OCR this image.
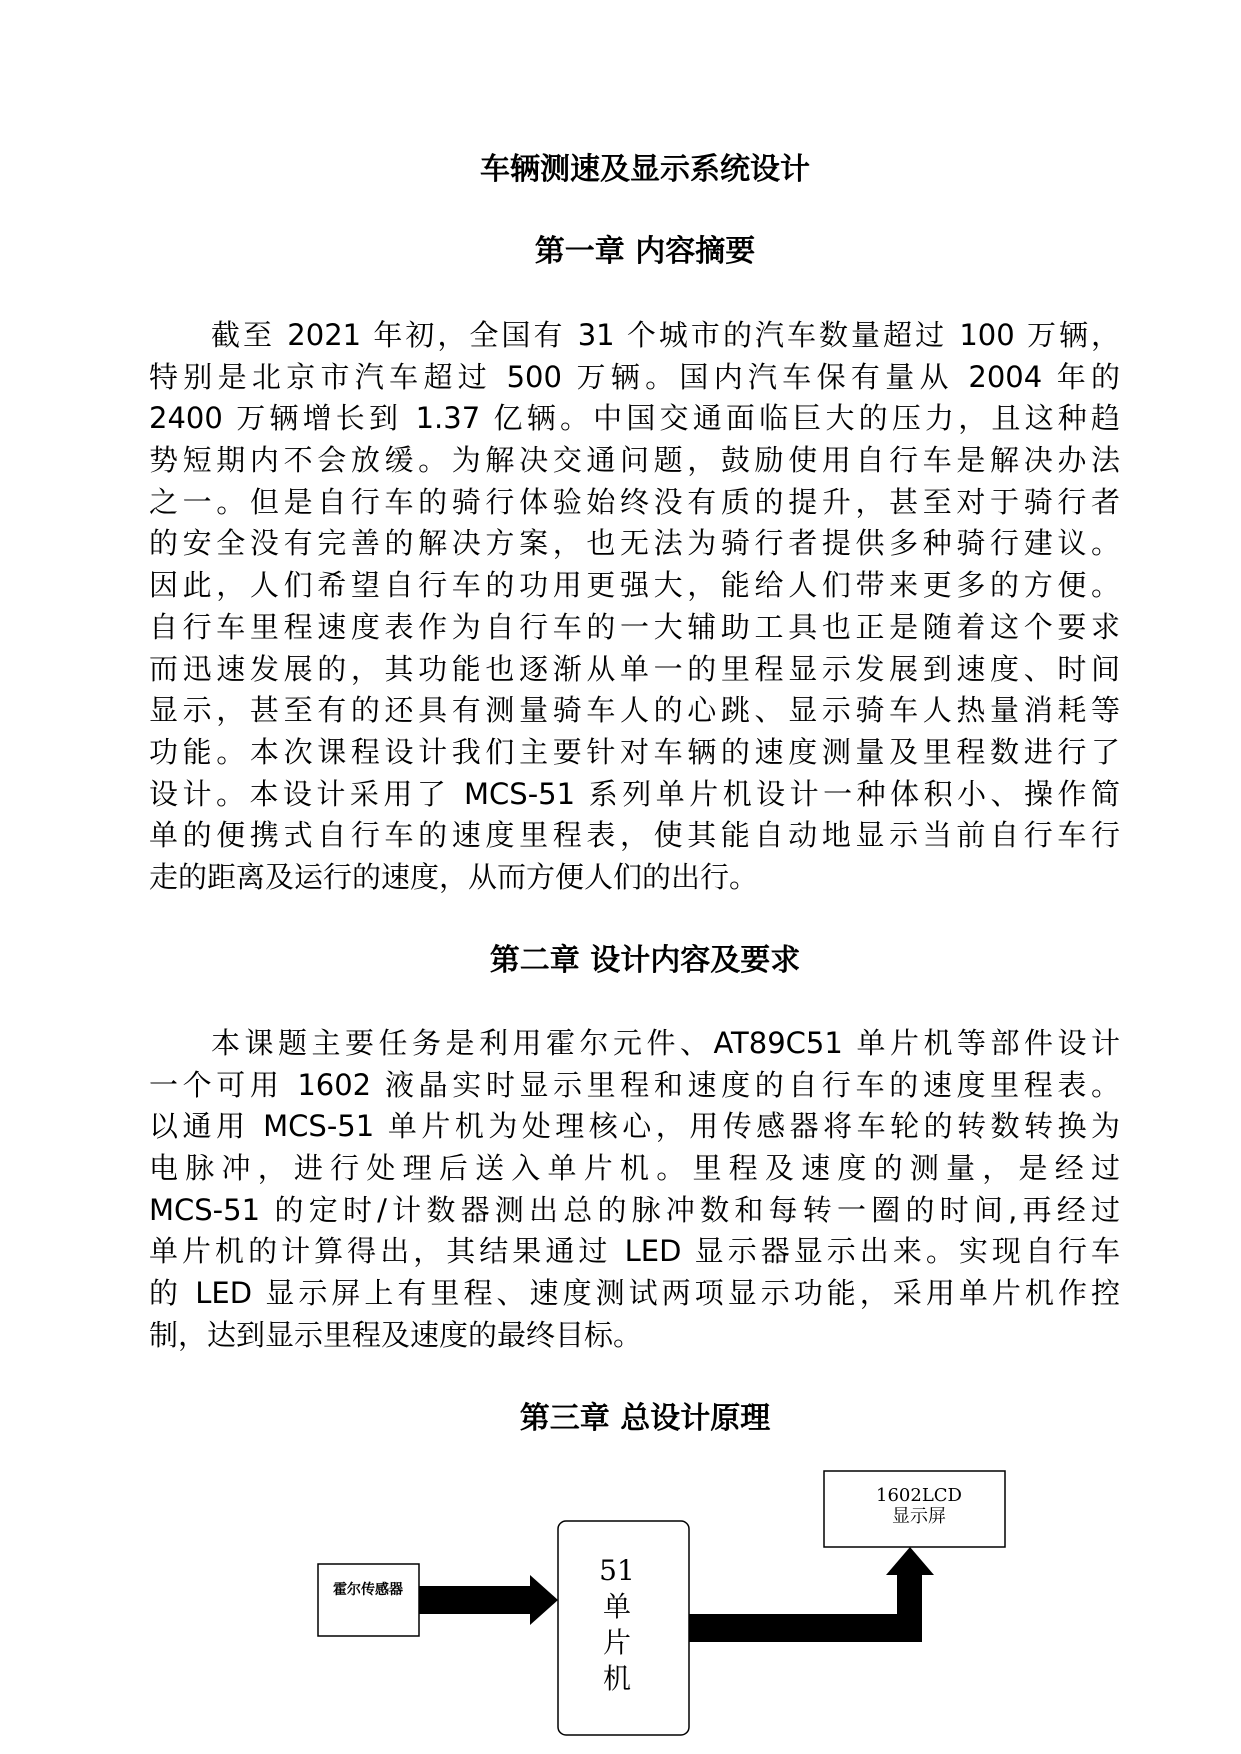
车辆测速及显示系统设计
第一章 内容摘要
截至 2021 年初，全国有 31 个城市的汽车数量超过 100 万辆，
特别是北京市汽车超过 500 万辆。国内汽车保有量从 2004 年的
2400 万辆增长到 1.37 亿辆。中国交通面临巨大的压力，且这种趋
势短期内不会放缓。为解决交通问题，鼓励使用自行车是解决办法
之一。但是自行车的骑行体验始终没有质的提升，甚至对于骑行者
的安全没有完善的解决方案，也无法为骑行者提供多种骑行建议。
因此，人们希望自行车的功用更强大，能给人们带来更多的方便。
自行车里程速度表作为自行车的一大辅助工具也正是随着这个要求
而迅速发展的，其功能也逐渐从单一的里程显示发展到速度、时间
显示，甚至有的还具有测量骑车人的心跳、显示骑车人热量消耗等
功能。本次课程设计我们主要针对车辆的速度测量及里程数进行了
设计。本设计采用了 MCS-51 系列单片机设计一种体积小、操作简
单的便携式自行车的速度里程表，使其能自动地显示当前自行车行
走的距离及运行的速度，从而方便人们的出行。
第二章 设计内容及要求
本课题主要任务是利用霍尔元件、AT89C51 单片机等部件设计
一个可用 1602 液晶实时显示里程和速度的自行车的速度里程表。
以通用 MCS-51 单片机为处理核心，用传感器将车轮的转数转换为
电脉冲，进行处理后送入单片机。里程及速度的测量，是经过
MCS-51 的定时/计数器测出总的脉冲数和每转一圈的时间,再经过
单片机的计算得出，其结果通过 LED 显示器显示出来。实现自行车
的 LED 显示屏上有里程、速度测试两项显示功能，采用单片机作控
制，达到显示里程及速度的最终目标。
第三章 总设计原理
霍尔传感器
51
单
片
机
1602LCD
显示屏
